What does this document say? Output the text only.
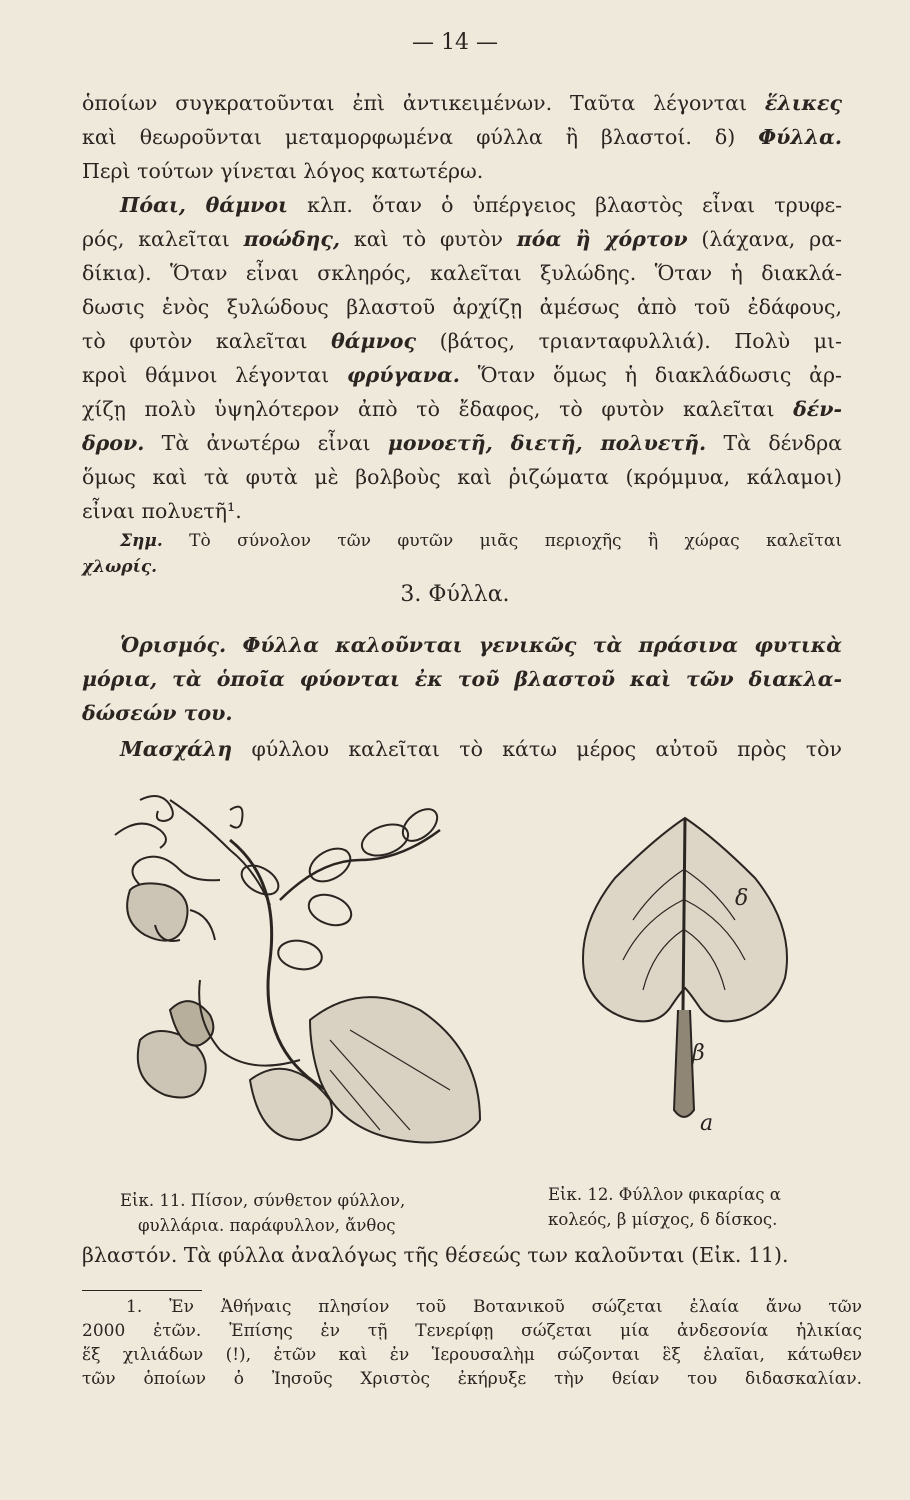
— 14 —
ὁποίων συγκρατοῦνται ἐπὶ ἀντικειμένων. Ταῦτα λέγονται ἕλικες
καὶ θεωροῦνται μεταμορφωμένα φύλλα ἢ βλαστοί. δ) Φύλλα.
Περὶ τούτων γίνεται λόγος κατωτέρω.
Πόαι, θάμνοι κλπ. ὅταν ὁ ὑπέργειος βλαστὸς εἶναι τρυφε-
ρός, καλεῖται ποώδης, καὶ τὸ φυτὸν πόα ἢ χόρτον (λάχανα, ρα-
δίκια). Ὅταν εἶναι σκληρός, καλεῖται ξυλώδης. Ὅταν ἡ διακλά-
δωσις ἑνὸς ξυλώδους βλαστοῦ ἀρχίζῃ ἀμέσως ἀπὸ τοῦ ἐδάφους,
τὸ φυτὸν καλεῖται θάμνος (βάτος, τριανταφυλλιά). Πολὺ μι-
κροὶ θάμνοι λέγονται φρύγανα. Ὅταν ὅμως ἡ διακλάδωσις ἀρ-
χίζῃ πολὺ ὑψηλότερον ἀπὸ τὸ ἔδαφος, τὸ φυτὸν καλεῖται δέν-
δρον. Τὰ ἀνωτέρω εἶναι μονοετῆ, διετῆ, πολυετῆ. Τὰ δένδρα
ὅμως καὶ τὰ φυτὰ μὲ βολβοὺς καὶ ῥιζώματα (κρόμμυα, κάλαμοι)
εἶναι πολυετῆ¹.
Σημ. Τὸ σύνολον τῶν φυτῶν μιᾶς περιοχῆς ἢ χώρας καλεῖται
χλωρίς.
3. Φύλλα.
Ὁρισμός. Φύλλα καλοῦνται γενικῶς τὰ πράσινα φυτικὰ
μόρια, τὰ ὁποῖα φύονται ἐκ τοῦ βλαστοῦ καὶ τῶν διακλα-
δώσεών του.
Μασχάλη φύλλου καλεῖται τὸ κάτω μέρος αὐτοῦ πρὸς τὸν
δ
β
a
Εἰκ. 11. Πίσον, σύνθετον φύλλον,
φυλλάρια. παράφυλλον, ἄνθος
Εἰκ. 12. Φύλλον φικαρίας α
κολεός, β μίσχος, δ δίσκος.
βλαστόν. Τὰ φύλλα ἀναλόγως τῆς θέσεώς των καλοῦνται (Εἰκ. 11).
1. Ἐν Ἀθήναις πλησίον τοῦ Βοτανικοῦ σώζεται ἐλαία ἄνω τῶν
2000 ἐτῶν. Ἐπίσης ἐν τῇ Τενερίφῃ σώζεται μία ἀνδεσονία ἡλικίας
ἕξ χιλιάδων (!), ἐτῶν καὶ ἐν Ἱερουσαλὴμ σώζονται ἓξ ἐλαῖαι, κάτωθεν
τῶν ὁποίων ὁ Ἰησοῦς Χριστὸς ἐκήρυξε τὴν θείαν του διδασκαλίαν.
